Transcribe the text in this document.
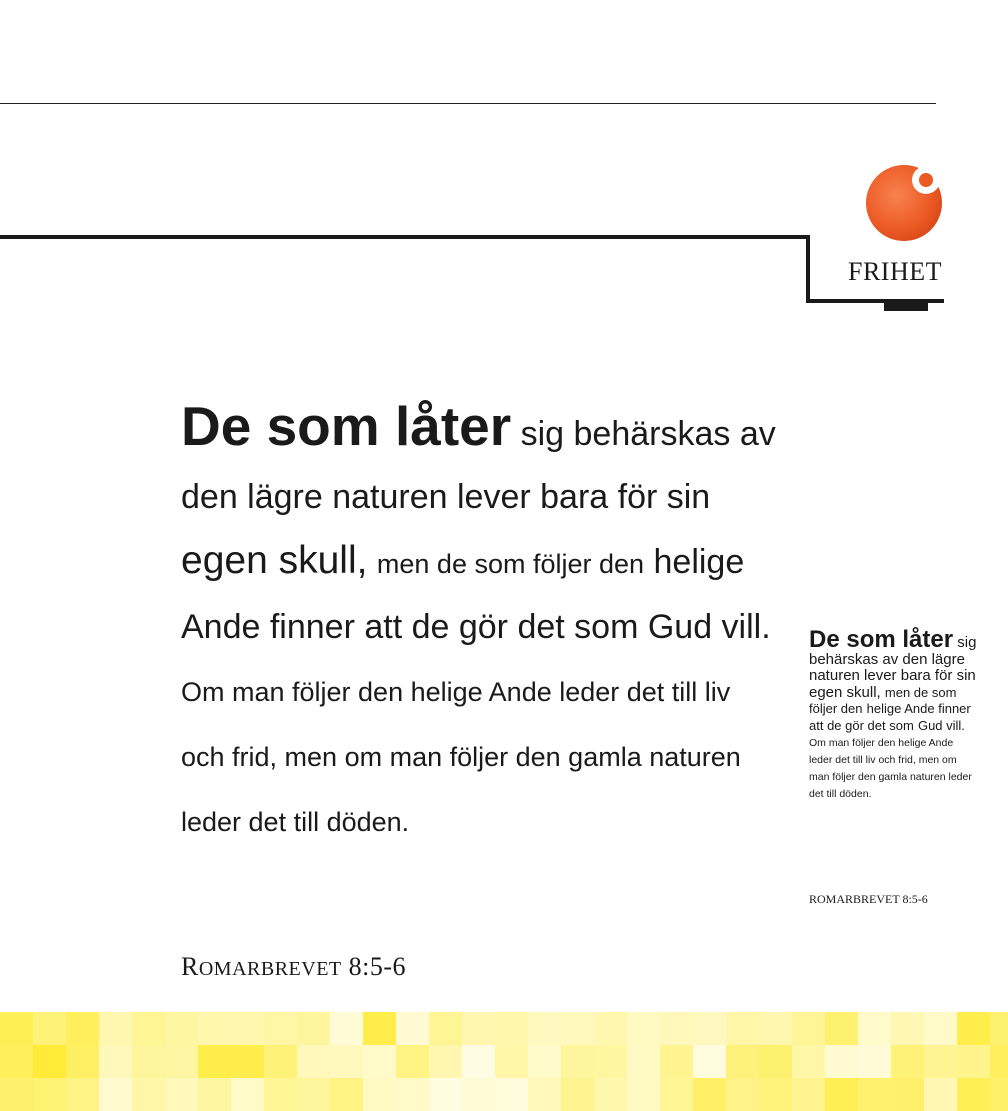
FRIHET
De som låter sig behärskas av den lägre naturen lever bara för sin egen skull, men de som följer den helige Ande finner att de gör det som Gud vill. Om man följer den helige Ande leder det till liv och frid, men om man följer den gamla naturen leder det till döden.
ROMARBREVET 8:5-6
De som låter sig behärskas av den lägre naturen lever bara för sin egen skull, men de som följer den helige Ande finner att de gör det som Gud vill. Om man följer den helige Ande leder det till liv och frid, men om man följer den gamla naturen leder det till döden.
ROMARBREVET 8:5-6
